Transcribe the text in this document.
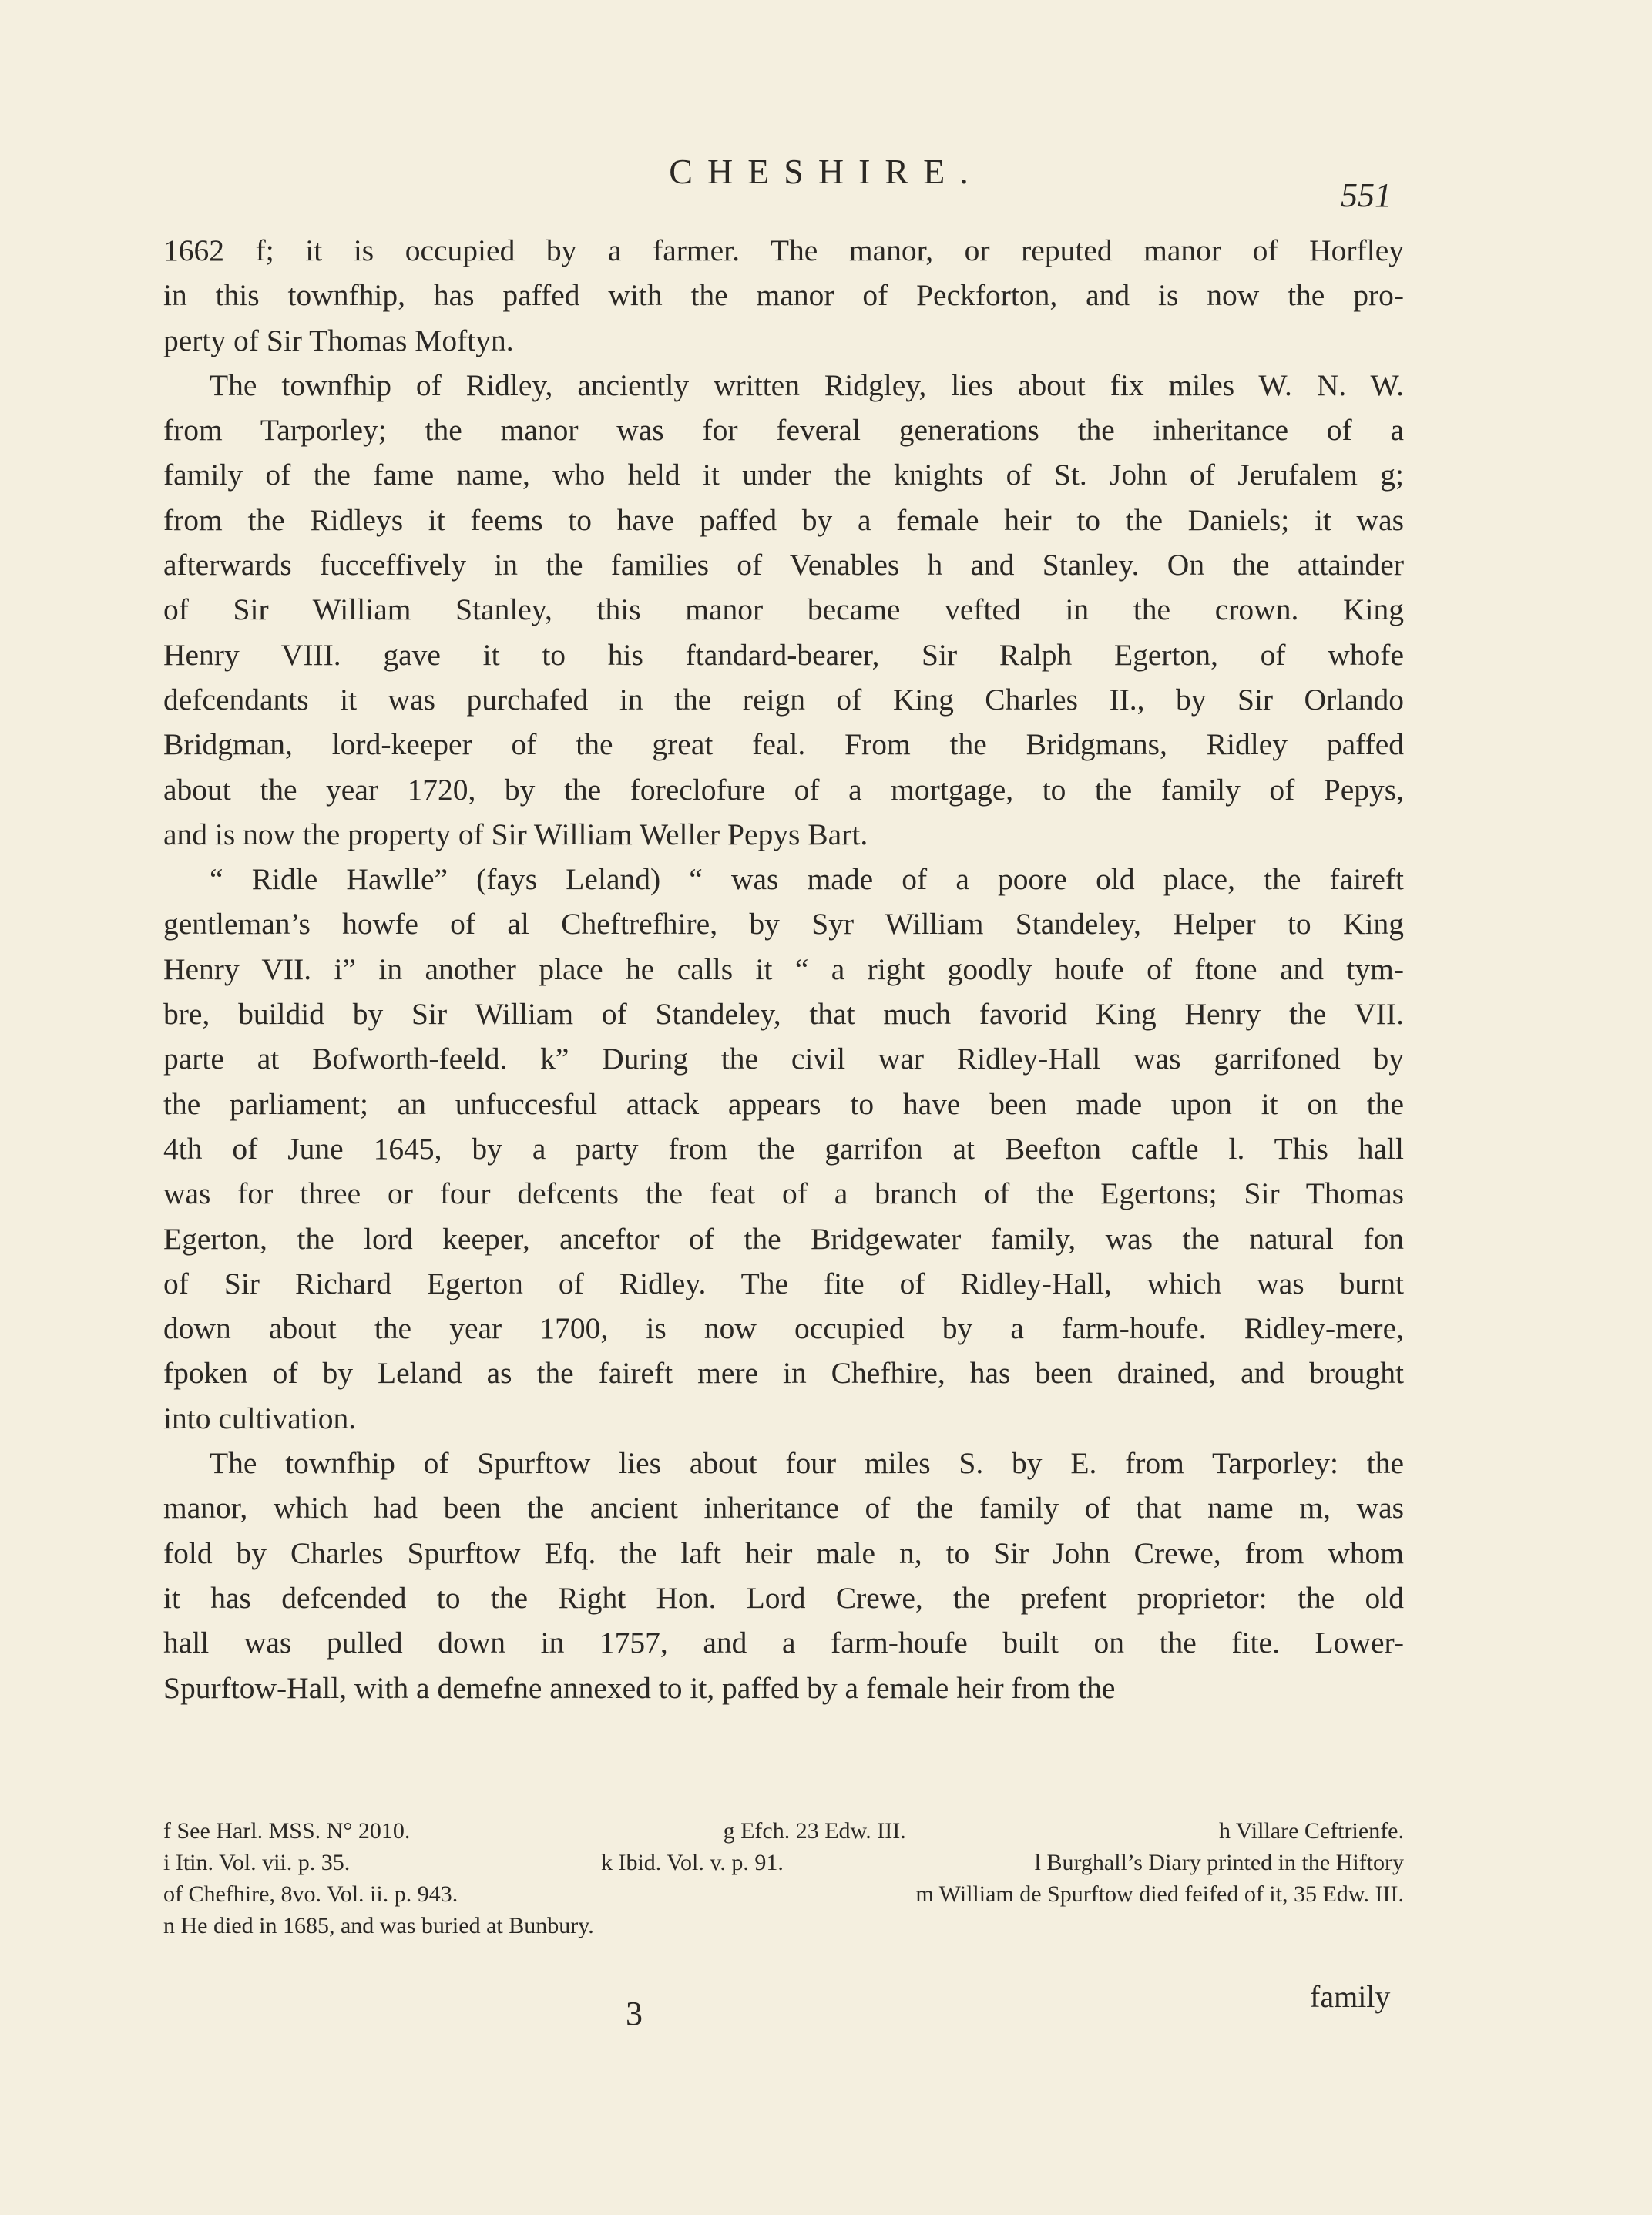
CHESHIRE.
551
1662 f; it is occupied by a farmer. The manor, or reputed manor of Horfley
in this townfhip, has paffed with the manor of Peckforton, and is now the pro-
perty of Sir Thomas Moftyn.
The townfhip of Ridley, anciently written Ridgley, lies about fix miles W. N. W.
from Tarporley; the manor was for feveral generations the inheritance of a
family of the fame name, who held it under the knights of St. John of Jerufalem g;
from the Ridleys it feems to have paffed by a female heir to the Daniels; it was
afterwards fucceffively in the families of Venables h and Stanley. On the attainder
of Sir William Stanley, this manor became vefted in the crown. King
Henry VIII. gave it to his ftandard-bearer, Sir Ralph Egerton, of whofe
defcendants it was purchafed in the reign of King Charles II., by Sir Orlando
Bridgman, lord-keeper of the great feal. From the Bridgmans, Ridley paffed
about the year 1720, by the foreclofure of a mortgage, to the family of Pepys,
and is now the property of Sir William Weller Pepys Bart.
“ Ridle Hawlle” (fays Leland) “ was made of a poore old place, the faireft
gentleman’s howfe of al Cheftrefhire, by Syr William Standeley, Helper to King
Henry VII. i” in another place he calls it “ a right goodly houfe of ftone and tym-
bre, buildid by Sir William of Standeley, that much favorid King Henry the VII.
parte at Bofworth-feeld. k” During the civil war Ridley-Hall was garrifoned by
the parliament; an unfuccesful attack appears to have been made upon it on the
4th of June 1645, by a party from the garrifon at Beefton caftle l. This hall
was for three or four defcents the feat of a branch of the Egertons; Sir Thomas
Egerton, the lord keeper, anceftor of the Bridgewater family, was the natural fon
of Sir Richard Egerton of Ridley. The fite of Ridley-Hall, which was burnt
down about the year 1700, is now occupied by a farm-houfe. Ridley-mere,
fpoken of by Leland as the faireft mere in Chefhire, has been drained, and brought
into cultivation.
The townfhip of Spurftow lies about four miles S. by E. from Tarporley: the
manor, which had been the ancient inheritance of the family of that name m, was
fold by Charles Spurftow Efq. the laft heir male n, to Sir John Crewe, from whom
it has defcended to the Right Hon. Lord Crewe, the prefent proprietor: the old
hall was pulled down in 1757, and a farm-houfe built on the fite. Lower-
Spurftow-Hall, with a demefne annexed to it, paffed by a female heir from the
f See Harl. MSS. N° 2010.	g Efch. 23 Edw. III.	h Villare Ceftrienfe.
i Itin. Vol. vii. p. 35.	k Ibid. Vol. v. p. 91.	l Burghall’s Diary printed in the Hiftory
of Chefhire, 8vo. Vol. ii. p. 943.	m William de Spurftow died feifed of it, 35 Edw. III.
n He died in 1685, and was buried at Bunbury.
3	family
